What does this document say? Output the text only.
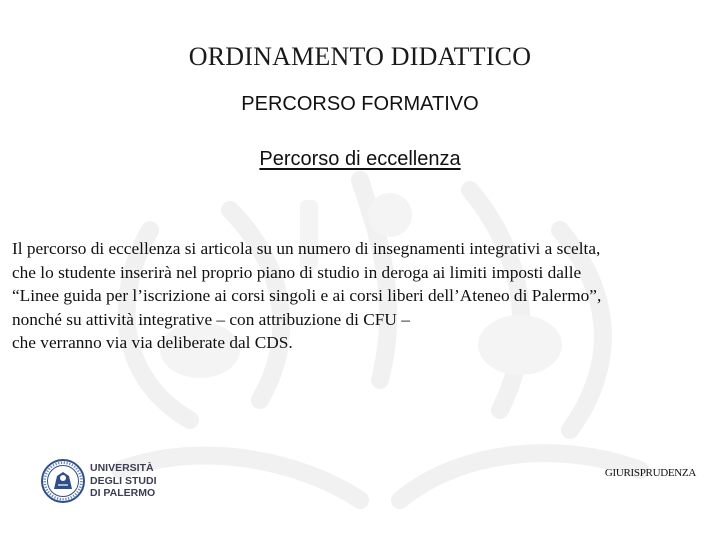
ORDINAMENTO DIDATTICO
PERCORSO FORMATIVO
Percorso di eccellenza
Il percorso di eccellenza si articola su un numero di insegnamenti integrativi a scelta,
che lo studente inserirà nel proprio piano di studio in deroga ai limiti imposti dalle
“Linee guida per l’iscrizione ai corsi singoli e ai corsi liberi dell’Ateneo di Palermo”,
nonché su attività integrative – con attribuzione di CFU –
che verranno via via deliberate dal CDS.
UNIVERSITÀ
DEGLI STUDI
DI PALERMO
GIURISPRUDENZA
